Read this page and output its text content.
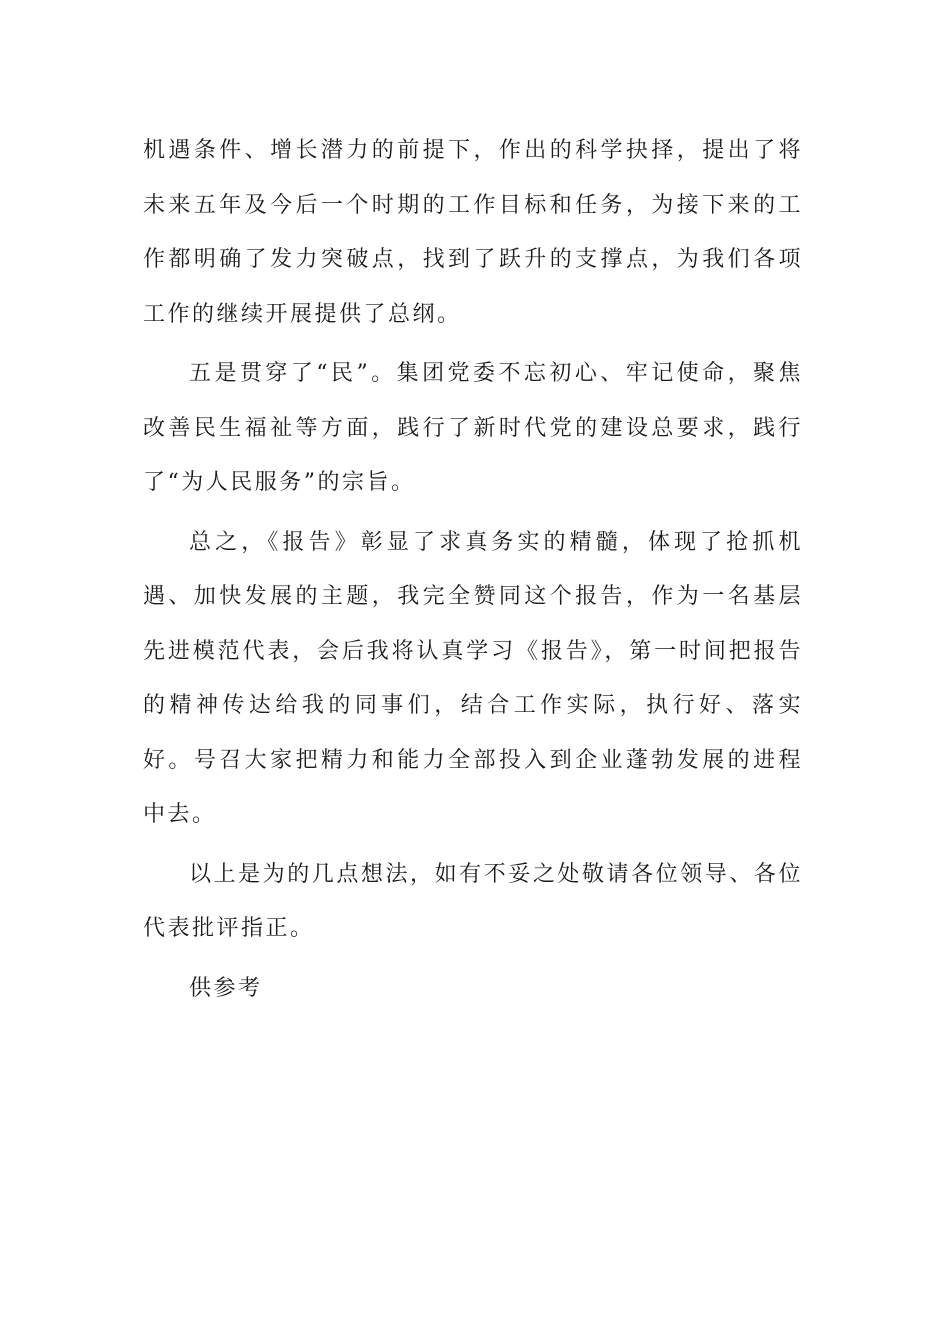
机遇条件、增长潜力的前提下，作出的科学抉择，提出了将未来五年及今后一个时期的工作目标和任务，为接下来的工作都明确了发力突破点，找到了跃升的支撑点，为我们各项工作的继续开展提供了总纲。

五是贯穿了“民”。集团党委不忘初心、牢记使命，聚焦改善民生福祉等方面，践行了新时代党的建设总要求，践行了“为人民服务”的宗旨。

总之，《报告》彰显了求真务实的精髓，体现了抢抓机遇、加快发展的主题，我完全赞同这个报告，作为一名基层先进模范代表，会后我将认真学习《报告》，第一时间把报告的精神传达给我的同事们，结合工作实际，执行好、落实好。号召大家把精力和能力全部投入到企业蓬勃发展的进程中去。

以上是为的几点想法，如有不妥之处敬请各位领导、各位代表批评指正。

供参考
